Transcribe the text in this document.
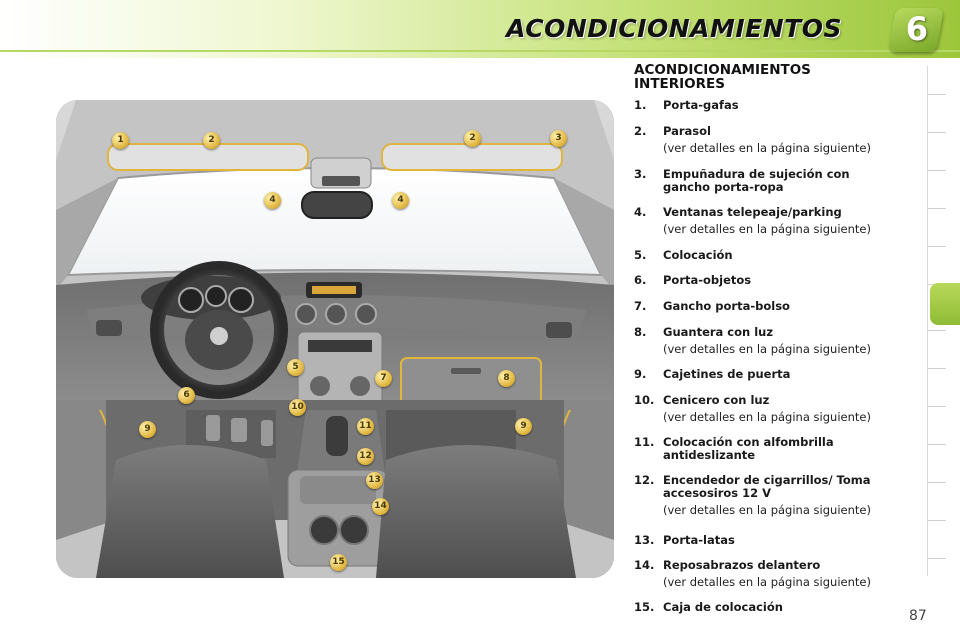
ACONDICIONAMIENTOS 6
1	2	2	3
4	4
5
6
7	8
9	9
10
11
12
13
14
15
ACONDICIONAMIENTOS INTERIORES
1. Porta-gafas
2. Parasol
(ver detalles en la página siguiente)
3. Empuñadura de sujeción con gancho porta-ropa
4. Ventanas telepeaje/parking
(ver detalles en la página siguiente)
5. Colocación
6. Porta-objetos
7. Gancho porta-bolso
8. Guantera con luz
(ver detalles en la página siguiente)
9. Cajetines de puerta
10. Cenicero con luz
(ver detalles en la página siguiente)
11. Colocación con alfombrilla antideslizante
12. Encendedor de cigarrillos/ Toma accesosiros 12 V
(ver detalles en la página siguiente)
13. Porta-latas
14. Reposabrazos delantero
(ver detalles en la página siguiente)
15. Caja de colocación
87
